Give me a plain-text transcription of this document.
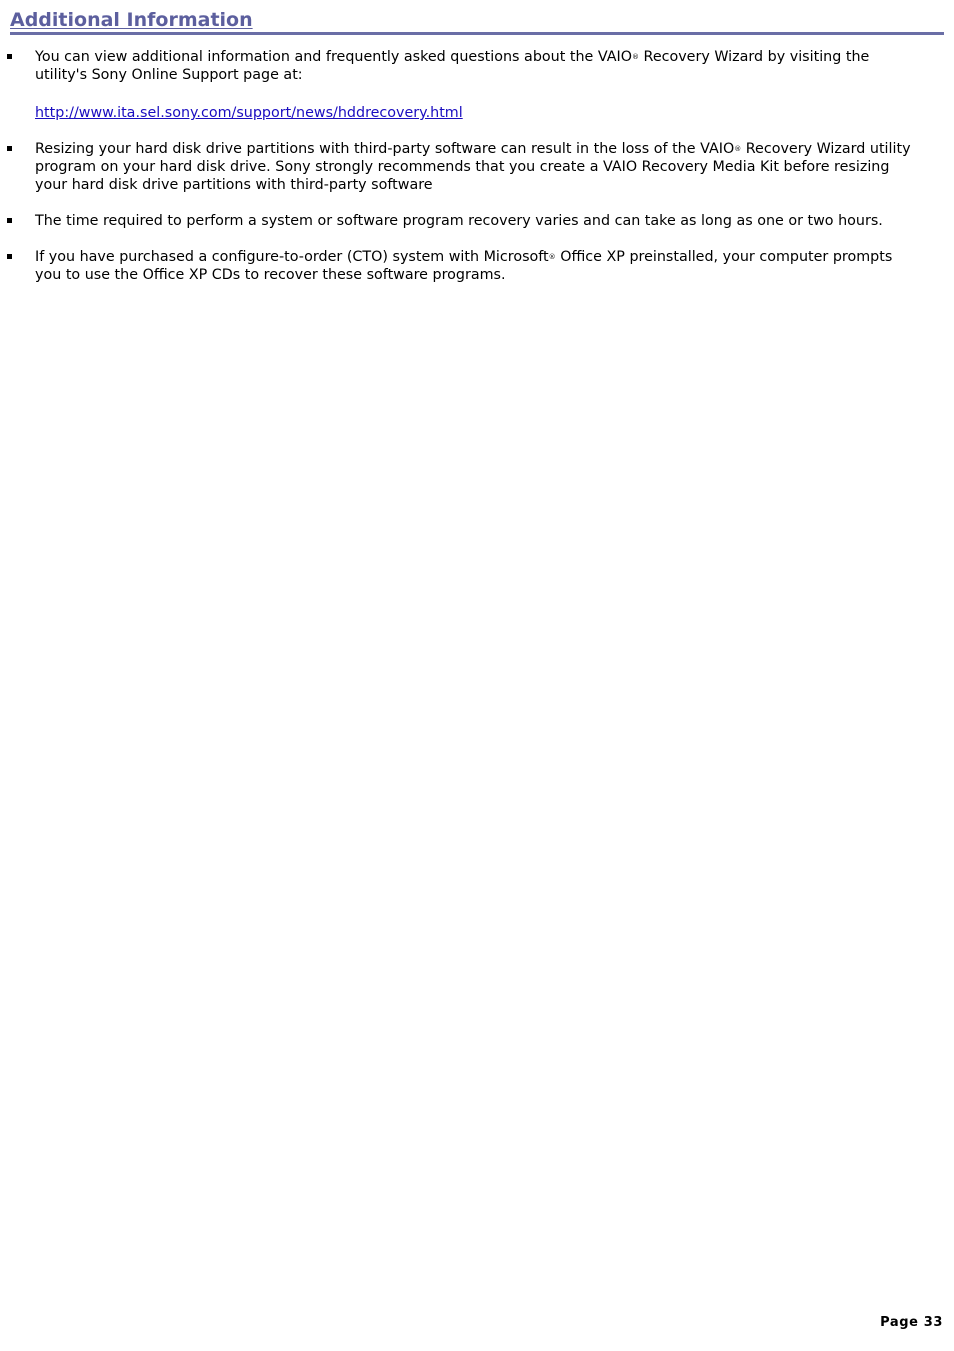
Additional Information
You can view additional information and frequently asked questions about the VAIO® Recovery Wizard by visiting the utility's Sony Online Support page at:
http://www.ita.sel.sony.com/support/news/hddrecovery.html
Resizing your hard disk drive partitions with third-party software can result in the loss of the VAIO® Recovery Wizard utility program on your hard disk drive. Sony strongly recommends that you create a VAIO Recovery Media Kit before resizing your hard disk drive partitions with third-party software
The time required to perform a system or software program recovery varies and can take as long as one or two hours.
If you have purchased a configure-to-order (CTO) system with Microsoft® Office XP preinstalled, your computer prompts you to use the Office XP CDs to recover these software programs.
Page 33
